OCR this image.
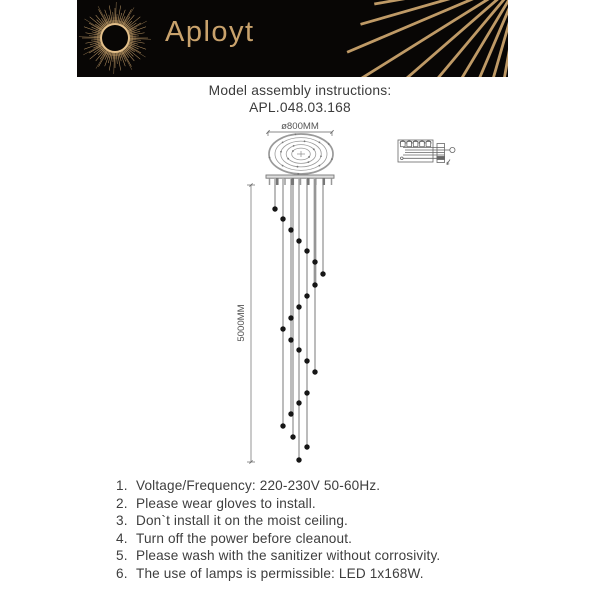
Aployt
Model assembly instructions:
APL.048.03.168
ø800MM
5000MM
1. Voltage/Frequency: 220-230V 50-60Hz.
2. Please wear gloves to install.
3. Don`t install it on the moist ceiling.
4. Turn off the power before cleanout.
5. Please wash with the sanitizer without corrosivity.
6. The use of lamps is permissible: LED 1x168W.
